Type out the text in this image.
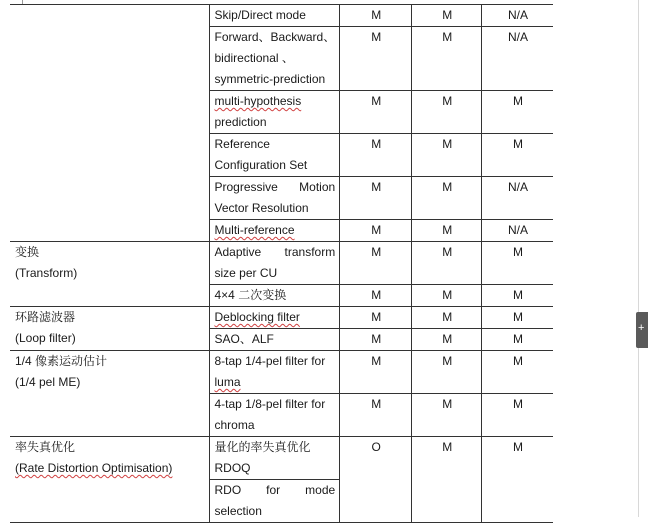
+

	Skip/Direct mode	M	M	N/A

	Forward、Backward、
bidirectional 、
symmetric-prediction	M	M	N/A

	multi-hypothesis
prediction	M	M	M

	Reference
Configuration Set	M	M	M

	Progressive Motion
Vector Resolution	M	M	N/A

	Multi-reference	M	M	N/A

变换
(Transform)	Adaptive transform
size per CU	M	M	M

	4×4 二次变换	M	M	M

环路滤波器
(Loop filter)	Deblocking filter	M	M	M

	SAO、ALF	M	M	M

1/4 像素运动估计
(1/4 pel ME)	8-tap 1/4-pel filter for
luma	M	M	M

	4-tap 1/8-pel filter for
chroma	M	M	M

率失真优化
(Rate Distortion Optimisation)	量化的率失真优化
RDOQ	O	M	M

	RDO for mode
selection			
